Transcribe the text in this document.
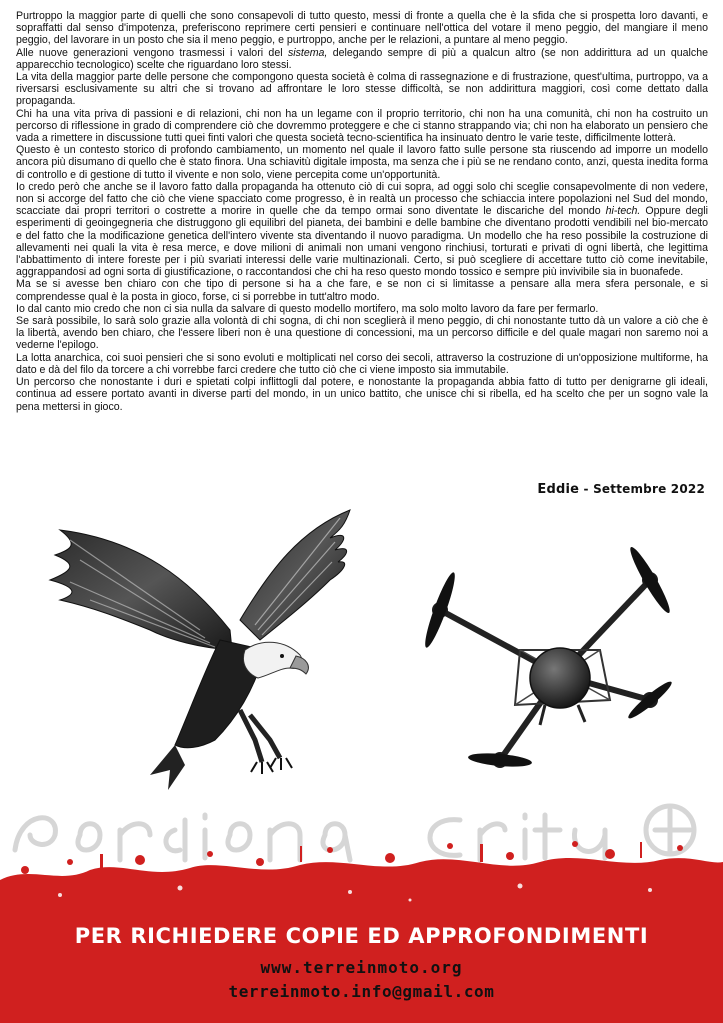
Purtroppo la maggior parte di quelli che sono consapevoli di tutto questo, messi di fronte a quella che è la sfida che si prospetta loro davanti, e sopraffatti dal senso d'impotenza, preferiscono reprimere certi pensieri e continuare nell'ottica del votare il meno peggio, del mangiare il meno peggio, del lavorare in un posto che sia il meno peggio, e purtroppo, anche per le relazioni, a puntare al meno peggio.

Alle nuove generazioni vengono trasmessi i valori del sistema, delegando sempre di più a qualcun altro (se non addirittura ad un qualche apparecchio tecnologico) scelte che riguardano loro stessi.

La vita della maggior parte delle persone che compongono questa società è colma di rassegnazione e di frustrazione, quest'ultima, purtroppo, va a riversarsi esclusivamente su altri che si trovano ad affrontare le loro stesse difficoltà, se non addirittura maggiori, così come dettato dalla propaganda.

Chi ha una vita priva di passioni e di relazioni, chi non ha un legame con il proprio territorio, chi non ha una comunità, chi non ha costruito un percorso di riflessione in grado di comprendere ciò che dovremmo proteggere e che ci stanno strappando via; chi non ha elaborato un pensiero che vada a rimettere in discussione tutti quei finti valori che questa società tecno-scientifica ha insinuato dentro le varie teste, difficilmente lotterà.

Questo è un contesto storico di profondo cambiamento, un momento nel quale il lavoro fatto sulle persone sta riuscendo ad imporre un modello ancora più disumano di quello che è stato finora. Una schiavitù digitale imposta, ma senza che i più se ne rendano conto, anzi, questa inedita forma di controllo e di gestione di tutto il vivente e non solo, viene percepita come un'opportunità.

Io credo però che anche se il lavoro fatto dalla propaganda ha ottenuto ciò di cui sopra, ad oggi solo chi sceglie consapevolmente di non vedere, non si accorge del fatto che ciò che viene spacciato come progresso, è in realtà un processo che schiaccia intere popolazioni nel Sud del mondo, scacciate dai propri territori o costrette a morire in quelle che da tempo ormai sono diventate le discariche del mondo hi-tech. Oppure degli esperimenti di geoingegneria che distruggono gli equilibri del pianeta, dei bambini e delle bambine che diventano prodotti vendibili nel bio-mercato e del fatto che la modificazione genetica dell'intero vivente sta diventando il nuovo paradigma. Un modello che ha reso possibile la costruzione di allevamenti nei quali la vita è resa merce, e dove milioni di animali non umani vengono rinchiusi, torturati e privati di ogni libertà, che legittima l'abbattimento di intere foreste per i più svariati interessi delle varie multinazionali. Certo, si può scegliere di accettare tutto ciò come inevitabile, aggrappandosi ad ogni sorta di giustificazione, o raccontandosi che chi ha reso questo mondo tossico e sempre più invivibile sia in buonafede.

Ma se si avesse ben chiaro con che tipo di persone si ha a che fare, e se non ci si limitasse a pensare alla mera sfera personale, e si comprendesse qual è la posta in gioco, forse, ci si porrebbe in tutt'altro modo.

Io dal canto mio credo che non ci sia nulla da salvare di questo modello mortifero, ma solo molto lavoro da fare per fermarlo.

Se sarà possibile, lo sarà solo grazie alla volontà di chi sogna, di chi non sceglierà il meno peggio, di chi nonostante tutto dà un valore a ciò che è la libertà, avendo ben chiaro, che l'essere liberi non è una questione di concessioni, ma un percorso difficile e del quale magari non saremo noi a vederne l'epilogo.

La lotta anarchica, coi suoi pensieri che si sono evoluti e moltiplicati nel corso dei secoli, attraverso la costruzione di un'opposizione multiforme, ha dato e dà del filo da torcere a chi vorrebbe farci credere che tutto ciò che ci viene imposto sia immutabile.

Un percorso che nonostante i duri e spietati colpi inflittogli dal potere, e nonostante la propaganda abbia fatto di tutto per denigrarne gli ideali, continua ad essere portato avanti in diverse parti del mondo, in un unico battito, che unisce chi si ribella, ed ha scelto che per un sogno vale la pena mettersi in gioco.

Eddie - Settembre 2022
PER RICHIEDERE COPIE ED APPROFONDIMENTI
www.terreinmoto.org
terreinmoto.info@gmail.com
